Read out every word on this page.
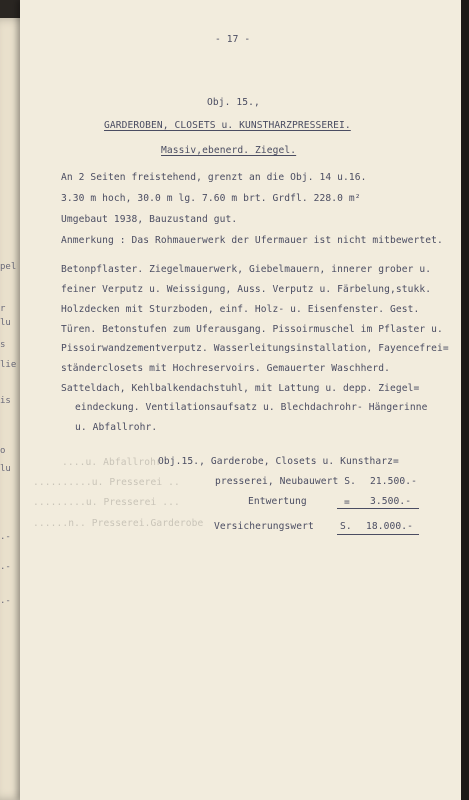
pel
r
lu
s
lie
is
o
lu
.-
.-
.-
- 17 -
Obj. 15.,
GARDEROBEN, CLOSETS u. KUNSTHARZPRESSEREI.
Massiv,ebenerd. Ziegel.
An 2 Seiten freistehend, grenzt an die Obj. 14 u.16.
3.30 m hoch, 30.0 m lg. 7.60 m brt. Grdfl. 228.0 m²
Umgebaut 1938, Bauzustand gut.
Anmerkung : Das Rohmauerwerk der Ufermauer ist nicht mitbewertet.
Betonpflaster. Ziegelmauerwerk, Giebelmauern, innerer grober u.
feiner Verputz u. Weissigung, Auss. Verputz u. Färbelung,stukk.
Holzdecken mit Sturzboden, einf. Holz- u. Eisenfenster. Gest.
Türen. Betonstufen zum Uferausgang. Pissoirmuschel im Pflaster u.
Pissoirwandzementverputz. Wasserleitungsinstallation, Fayencefrei=
ständerclosets mit Hochreservoirs. Gemauerter Waschherd.
Satteldach, Kehlbalkendachstuhl, mit Lattung u. depp. Ziegel=
eindeckung. Ventilationsaufsatz u. Blechdachrohr- Hängerinne
u. Abfallrohr.
....u. Abfallrohr
..........u. Presserei ..
.........u. Presserei ...
......n.. Presserei.Garderobe
Obj.15., Garderobe, Closets u. Kunstharz=
presserei, Neubauwert S. 21.500.-
Entwertung	= 3.500.-
Versicherungswert	S. 18.000.-
